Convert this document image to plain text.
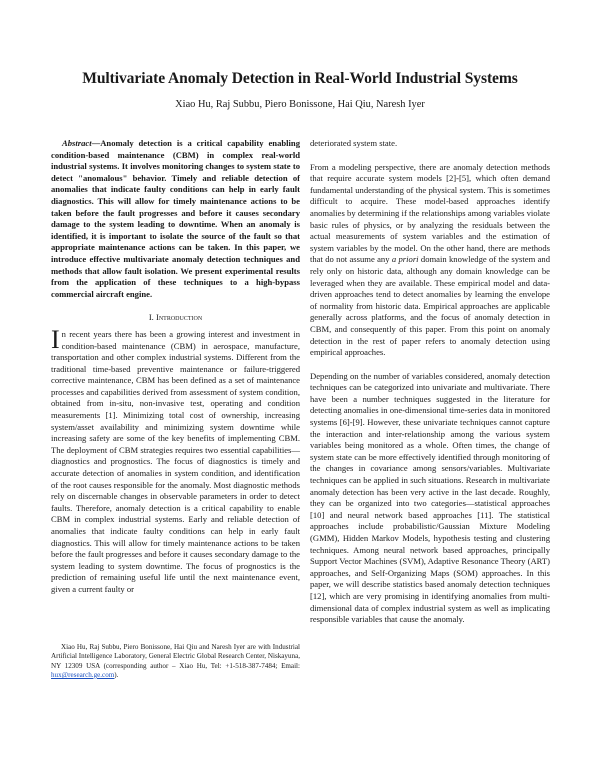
Multivariate Anomaly Detection in Real-World Industrial Systems
Xiao Hu, Raj Subbu, Piero Bonissone, Hai Qiu, Naresh Iyer

Abstract—Anomaly detection is a critical capability enabling condition-based maintenance (CBM) in complex real-world industrial systems. It involves monitoring changes to system state to detect "anomalous" behavior. Timely and reliable detection of anomalies that indicate faulty conditions can help in early fault diagnostics. This will allow for timely maintenance actions to be taken before the fault progresses and before it causes secondary damage to the system leading to downtime. When an anomaly is identified, it is important to isolate the source of the fault so that appropriate maintenance actions can be taken. In this paper, we introduce effective multivariate anomaly detection techniques and methods that allow fault isolation. We present experimental results from the application of these techniques to a high-bypass commercial aircraft engine.

I. Introduction

In recent years there has been a growing interest and investment in condition-based maintenance (CBM) in aerospace, manufacture, transportation and other complex industrial systems. Different from the traditional time-based preventive maintenance or failure-triggered corrective maintenance, CBM has been defined as a set of maintenance processes and capabilities derived from assessment of system condition, obtained from in-situ, non-invasive test, operating and condition measurements [1]. Minimizing total cost of ownership, increasing system/asset availability and minimizing system downtime while increasing safety are some of the key benefits of implementing CBM. The deployment of CBM strategies requires two essential capabilities—diagnostics and prognostics. The focus of diagnostics is timely and accurate detection of anomalies in system condition, and identification of the root causes responsible for the anomaly. Most diagnostic methods rely on discernable changes in observable parameters in order to detect faults. Therefore, anomaly detection is a critical capability to enable CBM in complex industrial systems. Early and reliable detection of anomalies that indicate faulty conditions can help in early fault diagnostics. This will allow for timely maintenance actions to be taken before the fault progresses and before it causes secondary damage to the system leading to system downtime. The focus of prognostics is the prediction of remaining useful life until the next maintenance event, given a current faulty or

Xiao Hu, Raj Subbu, Piero Bonissone, Hai Qiu and Naresh Iyer are with Industrial Artificial Intelligence Laboratory, General Electric Global Research Center, Niskayuna, NY 12309 USA (corresponding author – Xiao Hu, Tel: +1-518-387-7484; Email: hux@research.ge.com).

deteriorated system state.

From a modeling perspective, there are anomaly detection methods that require accurate system models [2]-[5], which often demand fundamental understanding of the physical system. This is sometimes difficult to acquire. These model-based approaches identify anomalies by determining if the relationships among variables violate basic rules of physics, or by analyzing the residuals between the actual measurements of system variables and the estimation of system variables by the model. On the other hand, there are methods that do not assume any a priori domain knowledge of the system and rely only on historic data, although any domain knowledge can be leveraged when they are available. These empirical model and data-driven approaches tend to detect anomalies by learning the envelope of normality from historic data. Empirical approaches are applicable generally across platforms, and the focus of anomaly detection in CBM, and consequently of this paper. From this point on anomaly detection in the rest of paper refers to anomaly detection using empirical approaches.

Depending on the number of variables considered, anomaly detection techniques can be categorized into univariate and multivariate. There have been a number techniques suggested in the literature for detecting anomalies in one-dimensional time-series data in monitored systems [6]-[9]. However, these univariate techniques cannot capture the interaction and inter-relationship among the various system variables being monitored as a whole. Often times, the change of system state can be more effectively identified through monitoring of the changes in covariance among sensors/variables. Multivariate techniques can be applied in such situations. Research in multivariate anomaly detection has been very active in the last decade. Roughly, they can be organized into two categories—statistical approaches [10] and neural network based approaches [11]. The statistical approaches include probabilistic/Gaussian Mixture Modeling (GMM), Hidden Markov Models, hypothesis testing and clustering techniques. Among neural network based approaches, principally Support Vector Machines (SVM), Adaptive Resonance Theory (ART) approaches, and Self-Organizing Maps (SOM) approaches. In this paper, we will describe statistics based anomaly detection techniques [12], which are very promising in identifying anomalies from multi-dimensional data of complex industrial system as well as implicating responsible variables that cause the anomaly.
